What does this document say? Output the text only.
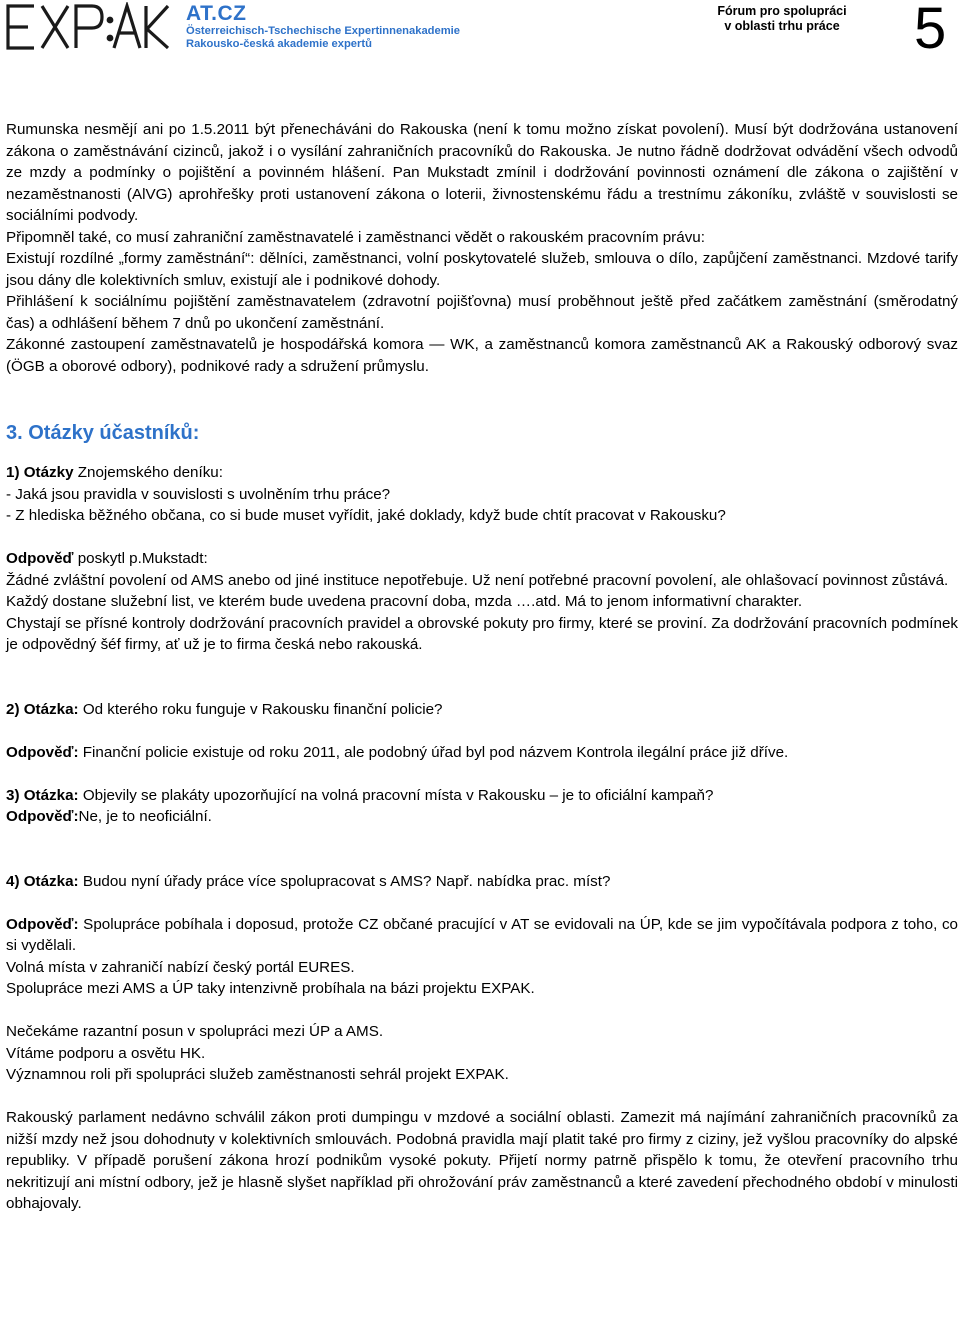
AT.CZ
Österreichisch-Tschechische Expertinnenakademie
Rakousko-česká akademie expertů
Fórum pro spolupráci
v oblasti trhu práce 5

Rumunska nesmějí ani po 1.5.2011 být přenecháváni do Rakouska (není k tomu možno získat povolení). Musí být dodržována ustanovení zákona o zaměstnávání cizinců, jakož i o vysílání zahraničních pracovníků do Rakouska. Je nutno řádně dodržovat odvádění všech odvodů ze mzdy a podmínky o pojištění a povinném hlášení. Pan Mukstadt zmínil i dodržování povinnosti oznámení dle zákona o zajištění v nezaměstnanosti (AlVG) aprohřešky proti ustanovení zákona o loterii, živnostenskému řádu a trestnímu zákoníku, zvláště v souvislosti se sociálními podvody.

Připomněl také, co musí zahraniční zaměstnavatelé i zaměstnanci vědět o rakouském pracovním právu:

Existují rozdílné „formy zaměstnání“: dělníci, zaměstnanci, volní poskytovatelé služeb, smlouva o dílo, zapůjčení zaměstnanci. Mzdové tarify jsou dány dle kolektivních smluv, existují ale i podnikové dohody.

Přihlášení k sociálnímu pojištění zaměstnavatelem (zdravotní pojišťovna) musí proběhnout ještě před začátkem zaměstnání (směrodatný čas) a odhlášení během 7 dnů po ukončení zaměstnání.

Zákonné zastoupení zaměstnavatelů je hospodářská komora — WK, a zaměstnanců komora zaměstnanců AK a Rakouský odborový svaz (ÖGB a oborové odbory), podnikové rady a sdružení průmyslu.

3. Otázky účastníků:

1) Otázky Znojemského deníku:

- Jaká jsou pravidla v souvislosti s uvolněním trhu práce?

- Z hlediska běžného občana, co si bude muset vyřídit, jaké doklady, když bude chtít pracovat v Rakousku?

Odpověď poskytl p.Mukstadt:

Žádné zvláštní povolení od AMS anebo od jiné instituce nepotřebuje. Už není potřebné pracovní povolení, ale ohlašovací povinnost zůstává.

Každý dostane služební list, ve kterém bude uvedena pracovní doba, mzda ….atd. Má to jenom informativní charakter.

Chystají se přísné kontroly dodržování pracovních pravidel a obrovské pokuty pro firmy, které se proviní. Za dodržování pracovních podmínek je odpovědný šéf firmy, ať už je to firma česká nebo rakouská.

2) Otázka: Od kterého roku funguje v Rakousku finanční policie?

Odpověď: Finanční policie existuje od roku 2011, ale podobný úřad byl pod názvem Kontrola ilegální práce již dříve.

3) Otázka: Objevily se plakáty upozorňující na volná pracovní místa v Rakousku – je to oficiální kampaň?

Odpověď:Ne, je to neoficiální.

4) Otázka: Budou nyní úřady práce více spolupracovat s AMS? Např. nabídka prac. míst?

Odpověď: Spolupráce pobíhala i doposud, protože CZ občané pracující v AT se evidovali na ÚP, kde se jim vypočítávala podpora z toho, co si vydělali.

Volná místa v zahraničí nabízí český portál EURES.

Spolupráce mezi AMS a ÚP taky intenzivně probíhala na bázi projektu EXPAK.

Nečekáme razantní posun v spolupráci mezi ÚP a AMS.

Vítáme podporu a osvětu HK.

Významnou roli při spolupráci služeb zaměstnanosti sehrál projekt EXPAK.

Rakouský parlament nedávno schválil zákon proti dumpingu v mzdové a sociální oblasti. Zamezit má najímání zahraničních pracovníků za nižší mzdy než jsou dohodnuty v kolektivních smlouvách. Podobná pravidla mají platit také pro firmy z ciziny, jež vyšlou pracovníky do alpské republiky. V případě porušení zákona hrozí podnikům vysoké pokuty. Přijetí normy patrně přispělo k tomu, že otevření pracovního trhu nekritizují ani místní odbory, jež je hlasně slyšet například při ohrožování práv zaměstnanců a které zavedení přechodného období v minulosti obhajovaly.
